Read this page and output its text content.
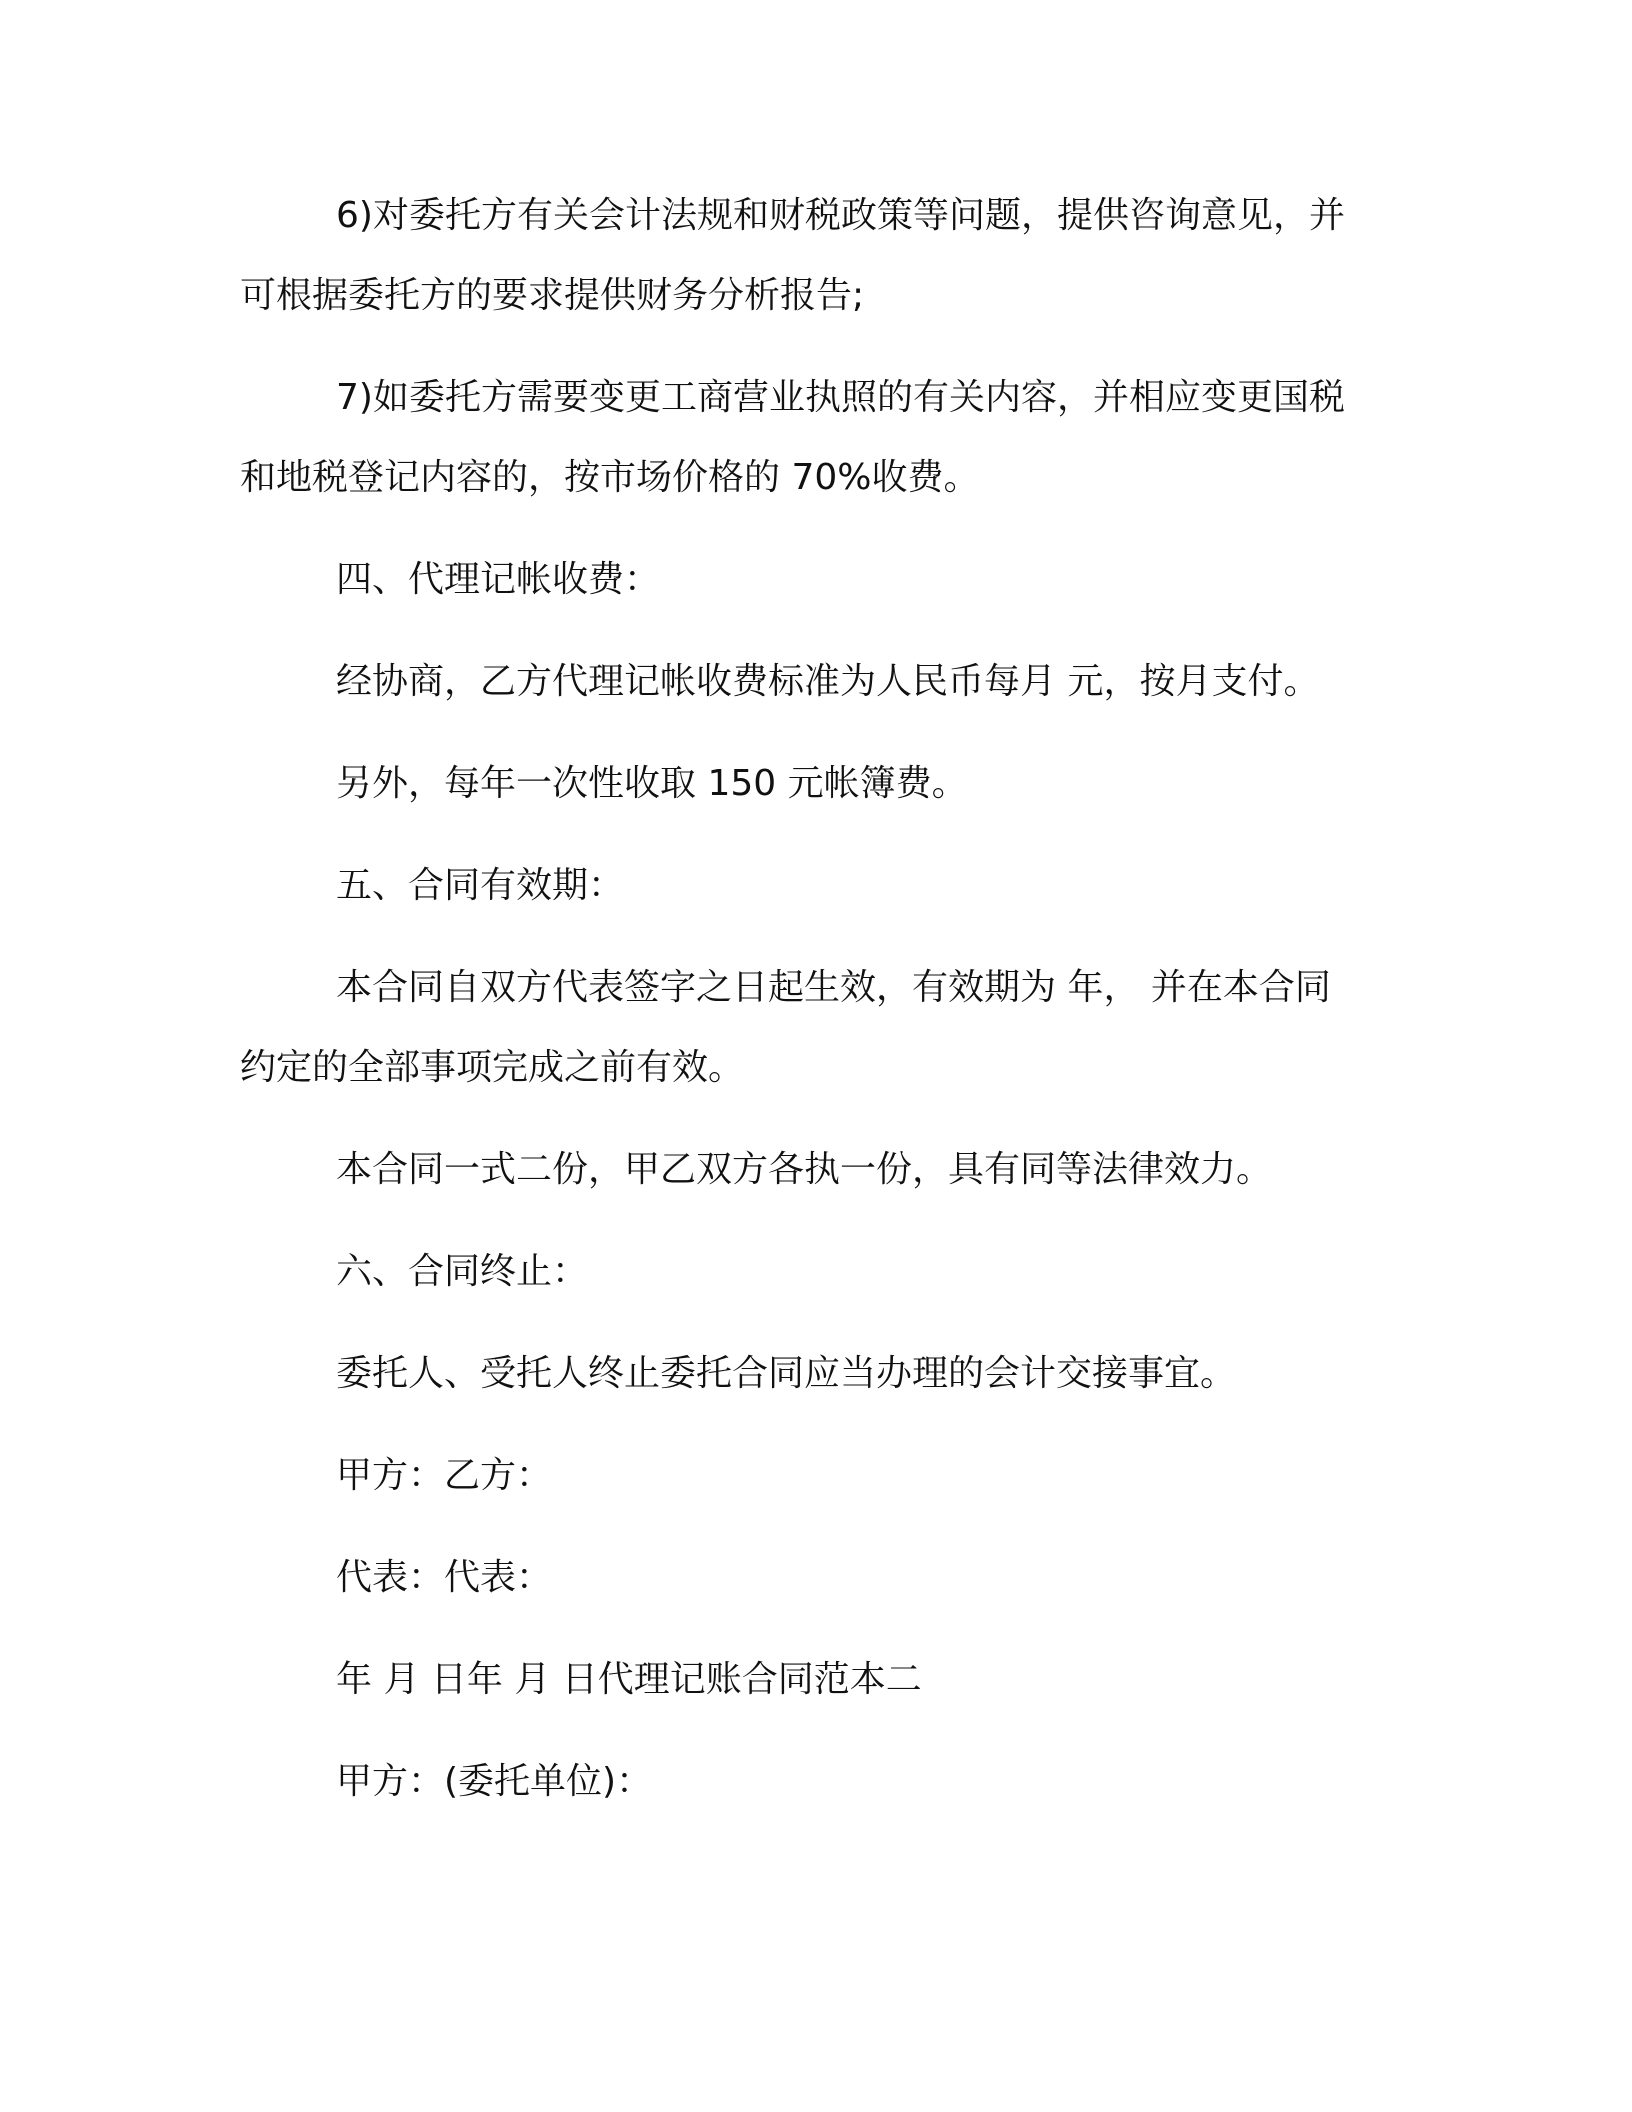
6)对委托方有关会计法规和财税政策等问题，提供咨询意见，并
可根据委托方的要求提供财务分析报告;

7)如委托方需要变更工商营业执照的有关内容，并相应变更国税
和地税登记内容的，按市场价格的 70%收费。

四、代理记帐收费：

经协商，乙方代理记帐收费标准为人民币每月 元，按月支付。

另外，每年一次性收取 150 元帐簿费。

五、合同有效期：

本合同自双方代表签字之日起生效，有效期为 年， 并在本合同
约定的全部事项完成之前有效。

本合同一式二份，甲乙双方各执一份，具有同等法律效力。

六、合同终止：

委托人、受托人终止委托合同应当办理的会计交接事宜。

甲方：乙方：

代表：代表：

年 月 日年 月 日代理记账合同范本二

甲方：(委托单位)：
